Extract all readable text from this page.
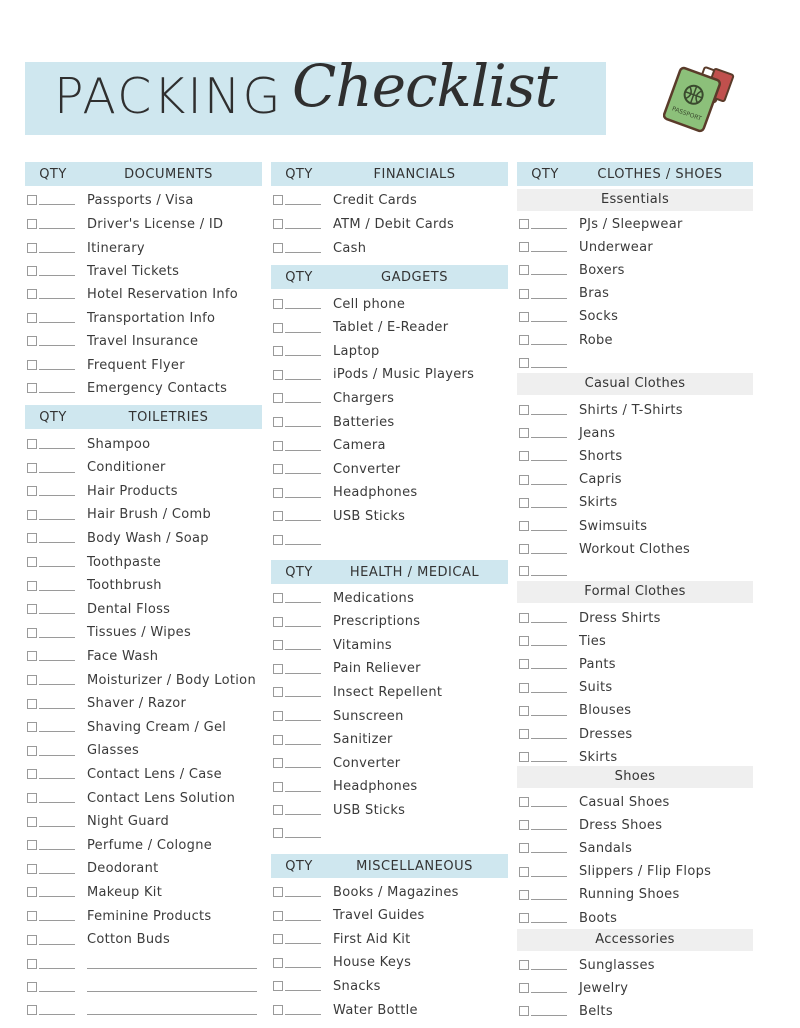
PACKING Checklist	PASSPORT
QTY	DOCUMENTS
Passports / Visa
Driver's License / ID
Itinerary
Travel Tickets
Hotel Reservation Info
Transportation Info
Travel Insurance
Frequent Flyer
Emergency Contacts
QTY	TOILETRIES
Shampoo
Conditioner
Hair Products
Hair Brush / Comb
Body Wash / Soap
Toothpaste
Toothbrush
Dental Floss
Tissues / Wipes
Face Wash
Moisturizer / Body Lotion
Shaver / Razor
Shaving Cream / Gel
Glasses
Contact Lens / Case
Contact Lens Solution
Night Guard
Perfume / Cologne
Deodorant
Makeup Kit
Feminine Products
Cotton Buds
QTY	FINANCIALS
Credit Cards
ATM / Debit Cards
Cash
QTY	GADGETS
Cell phone
Tablet / E-Reader
Laptop
iPods / Music Players
Chargers
Batteries
Camera
Converter
Headphones
USB Sticks
QTY	HEALTH / MEDICAL
Medications
Prescriptions
Vitamins
Pain Reliever
Insect Repellent
Sunscreen
Sanitizer
Converter
Headphones
USB Sticks
QTY	MISCELLANEOUS
Books / Magazines
Travel Guides
First Aid Kit
House Keys
Snacks
Water Bottle
QTY	CLOTHES / SHOES
Essentials
PJs / Sleepwear
Underwear
Boxers
Bras
Socks
Robe
Casual Clothes
Shirts / T-Shirts
Jeans
Shorts
Capris
Skirts
Swimsuits
Workout Clothes
Formal Clothes
Dress Shirts
Ties
Pants
Suits
Blouses
Dresses
Skirts
Shoes
Casual Shoes
Dress Shoes
Sandals
Slippers / Flip Flops
Running Shoes
Boots
Accessories
Sunglasses
Jewelry
Belts
